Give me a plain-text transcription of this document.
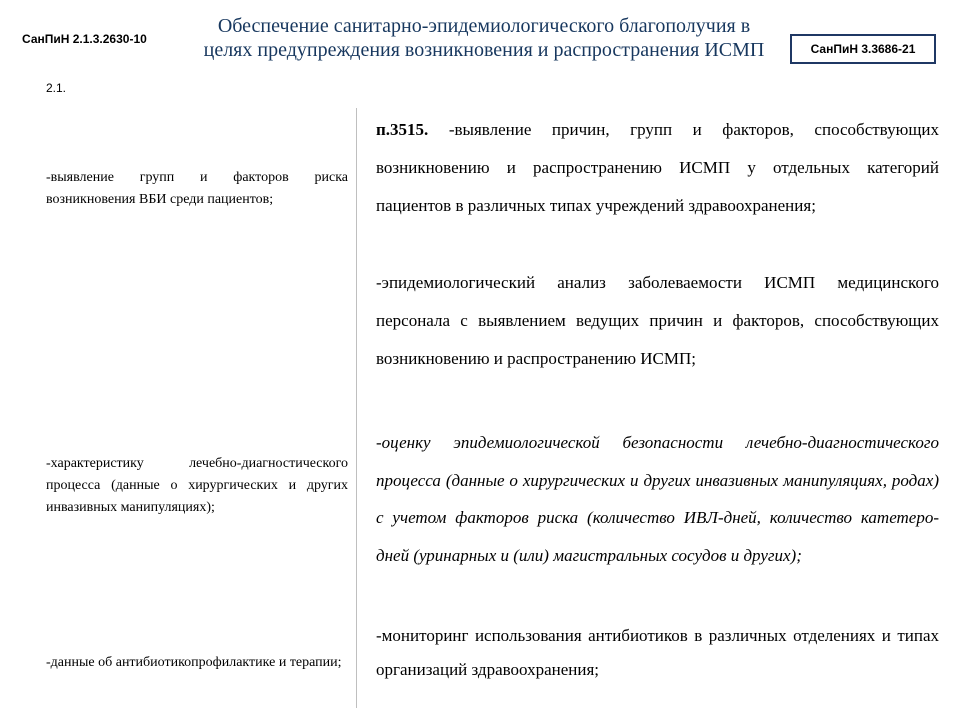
СанПиН 2.1.3.2630-10
Обеспечение санитарно-эпидемиологического благополучия в целях предупреждения возникновения и распространения ИСМП	СанПиН 3.3686-21
2.1.
-выявление групп и факторов риска возникновения ВБИ среди пациентов;
-характеристику лечебно-диагностического процесса (данные о хирургических и других инвазивных манипуляциях);
-данные об антибиотикопрофилактике и терапии;
п.3515. -выявление причин, групп и факторов, способствующих возникновению и распространению ИСМП у отдельных категорий пациентов в различных типах учреждений здравоохранения;
-эпидемиологический анализ заболеваемости ИСМП медицинского персонала с выявлением ведущих причин и факторов, способствующих возникновению и распространению ИСМП;
-оценку эпидемиологической безопасности лечебно-диагностического процесса (данные о хирургических и других инвазивных манипуляциях, родах) с учетом факторов риска (количество ИВЛ-дней, количество катетеро-дней (уринарных и (или) магистральных сосудов и других);
-мониторинг использования антибиотиков в различных отделениях и типах организаций здравоохранения;
